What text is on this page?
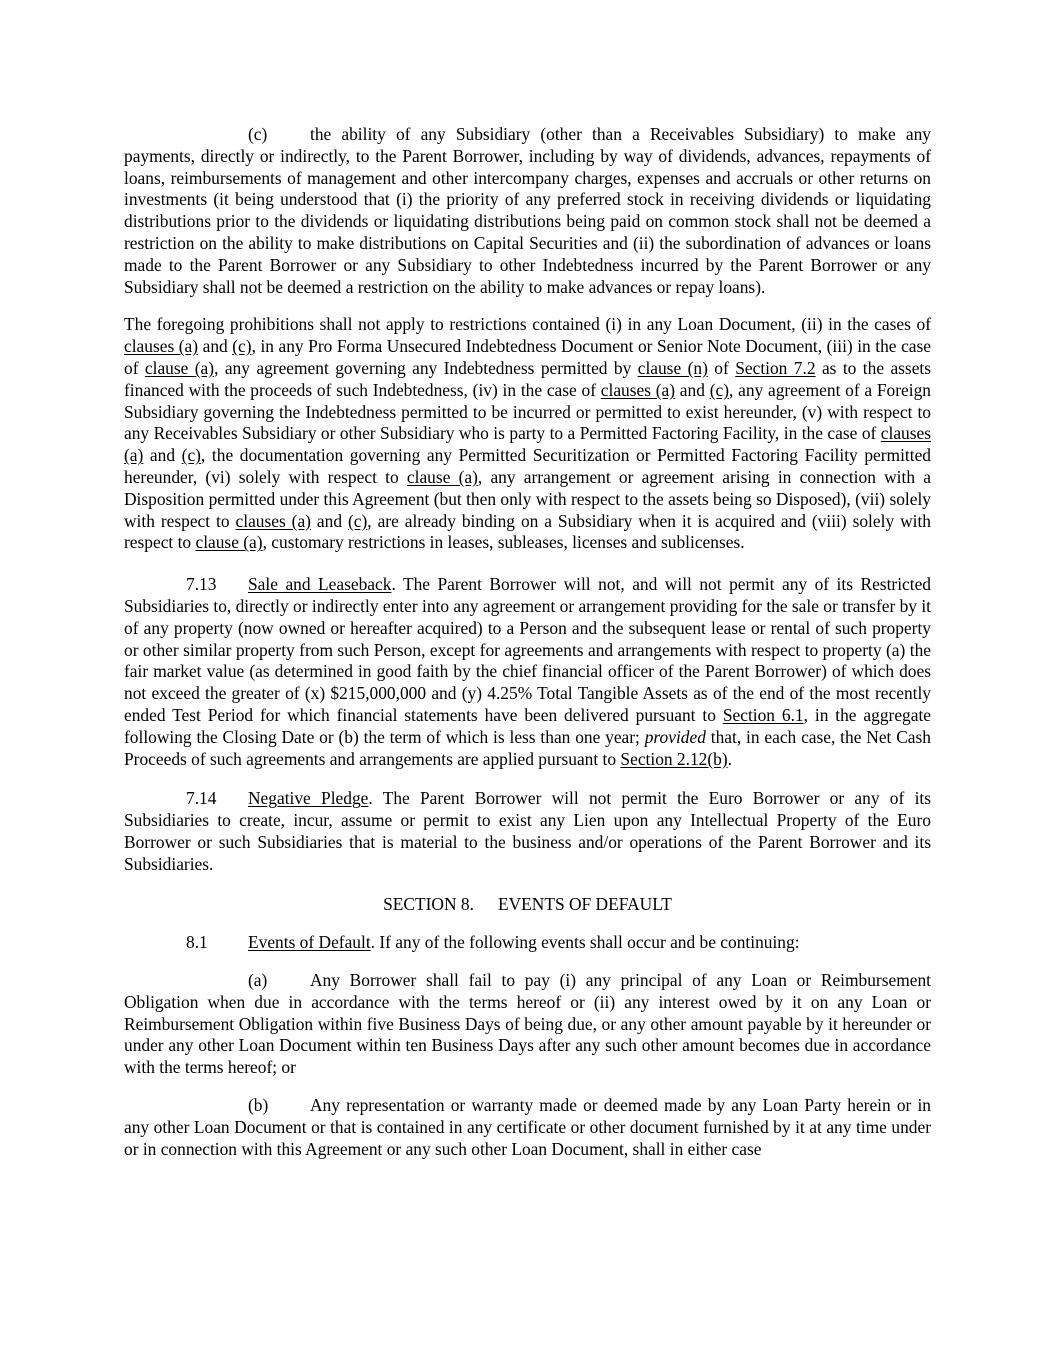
(c) the ability of any Subsidiary (other than a Receivables Subsidiary) to make any payments, directly or indirectly, to the Parent Borrower, including by way of dividends, advances, repayments of loans, reimbursements of management and other intercompany charges, expenses and accruals or other returns on investments (it being understood that (i) the priority of any preferred stock in receiving dividends or liquidating distributions prior to the dividends or liquidating distributions being paid on common stock shall not be deemed a restriction on the ability to make distributions on Capital Securities and (ii) the subordination of advances or loans made to the Parent Borrower or any Subsidiary to other Indebtedness incurred by the Parent Borrower or any Subsidiary shall not be deemed a restriction on the ability to make advances or repay loans).

The foregoing prohibitions shall not apply to restrictions contained (i) in any Loan Document, (ii) in the cases of clauses (a) and (c), in any Pro Forma Unsecured Indebtedness Document or Senior Note Document, (iii) in the case of clause (a), any agreement governing any Indebtedness permitted by clause (n) of Section 7.2 as to the assets financed with the proceeds of such Indebtedness, (iv) in the case of clauses (a) and (c), any agreement of a Foreign Subsidiary governing the Indebtedness permitted to be incurred or permitted to exist hereunder, (v) with respect to any Receivables Subsidiary or other Subsidiary who is party to a Permitted Factoring Facility, in the case of clauses (a) and (c), the documentation governing any Permitted Securitization or Permitted Factoring Facility permitted hereunder, (vi) solely with respect to clause (a), any arrangement or agreement arising in connection with a Disposition permitted under this Agreement (but then only with respect to the assets being so Disposed), (vii) solely with respect to clauses (a) and (c), are already binding on a Subsidiary when it is acquired and (viii) solely with respect to clause (a), customary restrictions in leases, subleases, licenses and sublicenses.

7.13 Sale and Leaseback. The Parent Borrower will not, and will not permit any of its Restricted Subsidiaries to, directly or indirectly enter into any agreement or arrangement providing for the sale or transfer by it of any property (now owned or hereafter acquired) to a Person and the subsequent lease or rental of such property or other similar property from such Person, except for agreements and arrangements with respect to property (a) the fair market value (as determined in good faith by the chief financial officer of the Parent Borrower) of which does not exceed the greater of (x) $215,000,000 and (y) 4.25% Total Tangible Assets as of the end of the most recently ended Test Period for which financial statements have been delivered pursuant to Section 6.1, in the aggregate following the Closing Date or (b) the term of which is less than one year; provided that, in each case, the Net Cash Proceeds of such agreements and arrangements are applied pursuant to Section 2.12(b).

7.14 Negative Pledge. The Parent Borrower will not permit the Euro Borrower or any of its Subsidiaries to create, incur, assume or permit to exist any Lien upon any Intellectual Property of the Euro Borrower or such Subsidiaries that is material to the business and/or operations of the Parent Borrower and its Subsidiaries.

SECTION 8. EVENTS OF DEFAULT

8.1 Events of Default. If any of the following events shall occur and be continuing:

(a) Any Borrower shall fail to pay (i) any principal of any Loan or Reimbursement Obligation when due in accordance with the terms hereof or (ii) any interest owed by it on any Loan or Reimbursement Obligation within five Business Days of being due, or any other amount payable by it hereunder or under any other Loan Document within ten Business Days after any such other amount becomes due in accordance with the terms hereof; or

(b) Any representation or warranty made or deemed made by any Loan Party herein or in any other Loan Document or that is contained in any certificate or other document furnished by it at any time under or in connection with this Agreement or any such other Loan Document, shall in either case
